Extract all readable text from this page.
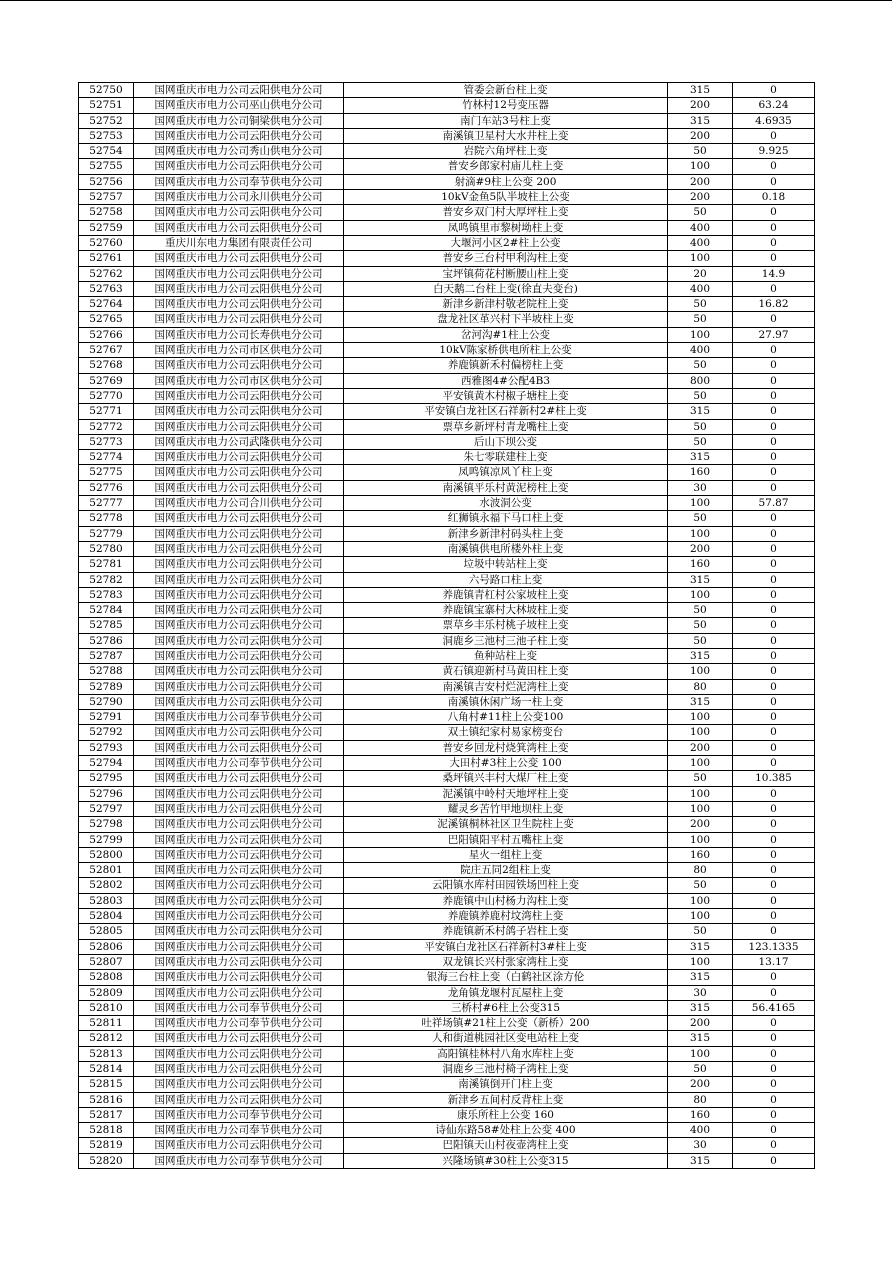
52750	国网重庆市电力公司云阳供电分公司	管委会新台柱上变	315	0
52751	国网重庆市电力公司巫山供电分公司	竹林村12号变压器	200	63.24
52752	国网重庆市电力公司铜梁供电分公司	南门车站3号柱上变	315	4.6935
52753	国网重庆市电力公司云阳供电分公司	南溪镇卫星村大水井柱上变	200	0
52754	国网重庆市电力公司秀山供电分公司	岩院六角坪柱上变	50	9.925
52755	国网重庆市电力公司云阳供电分公司	普安乡郎家村庙儿柱上变	100	0
52756	国网重庆市电力公司奉节供电分公司	射滴#9柱上公变 200	200	0
52757	国网重庆市电力公司永川供电分公司	10kV金鱼5队半坡柱上公变	200	0.18
52758	国网重庆市电力公司云阳供电分公司	普安乡双门村大厚坪柱上变	50	0
52759	国网重庆市电力公司云阳供电分公司	凤鸣镇里市黎树坳柱上变	400	0
52760	重庆川东电力集团有限责任公司	大堰河小区2#柱上公变	400	0
52761	国网重庆市电力公司云阳供电分公司	普安乡三台村甲利沟柱上变	100	0
52762	国网重庆市电力公司云阳供电分公司	宝坪镇荷花村断腰山柱上变	20	14.9
52763	国网重庆市电力公司云阳供电分公司	白天鹅二台柱上变(徐直夫变台)	400	0
52764	国网重庆市电力公司云阳供电分公司	新津乡新津村敬老院柱上变	50	16.82
52765	国网重庆市电力公司云阳供电分公司	盘龙社区革兴村下半坡柱上变	50	0
52766	国网重庆市电力公司长寿供电分公司	岔河沟#1柱上公变	100	27.97
52767	国网重庆市电力公司市区供电分公司	10kV陈家桥供电所柱上公变	400	0
52768	国网重庆市电力公司云阳供电分公司	养鹿镇新禾村偏榜柱上变	50	0
52769	国网重庆市电力公司市区供电分公司	西雅图4#公配4B3	800	0
52770	国网重庆市电力公司云阳供电分公司	平安镇黄木村椒子塘柱上变	50	0
52771	国网重庆市电力公司云阳供电分公司	平安镇白龙社区石祥新村2#柱上变	315	0
52772	国网重庆市电力公司云阳供电分公司	票草乡新坪村青龙嘴柱上变	50	0
52773	国网重庆市电力公司武隆供电分公司	后山下坝公变	50	0
52774	国网重庆市电力公司云阳供电分公司	朱七零联建柱上变	315	0
52775	国网重庆市电力公司云阳供电分公司	凤鸣镇凉风丫柱上变	160	0
52776	国网重庆市电力公司云阳供电分公司	南溪镇平乐村黄泥榜柱上变	30	0
52777	国网重庆市电力公司合川供电分公司	水波洞公变	100	57.87
52778	国网重庆市电力公司云阳供电分公司	红狮镇永福下马口柱上变	50	0
52779	国网重庆市电力公司云阳供电分公司	新津乡新津村码头柱上变	100	0
52780	国网重庆市电力公司云阳供电分公司	南溪镇供电所楼外柱上变	200	0
52781	国网重庆市电力公司云阳供电分公司	垃圾中转站柱上变	160	0
52782	国网重庆市电力公司云阳供电分公司	六号路口柱上变	315	0
52783	国网重庆市电力公司云阳供电分公司	养鹿镇青杠村公家坡柱上变	100	0
52784	国网重庆市电力公司云阳供电分公司	养鹿镇宝寨村大林坡柱上变	50	0
52785	国网重庆市电力公司云阳供电分公司	票草乡丰乐村桃子坡柱上变	50	0
52786	国网重庆市电力公司云阳供电分公司	洞鹿乡三池村三池子柱上变	50	0
52787	国网重庆市电力公司云阳供电分公司	鱼种站柱上变	315	0
52788	国网重庆市电力公司云阳供电分公司	黄石镇迎新村马黄田柱上变	100	0
52789	国网重庆市电力公司云阳供电分公司	南溪镇吉安村烂泥湾柱上变	80	0
52790	国网重庆市电力公司云阳供电分公司	南溪镇休闲广场一柱上变	315	0
52791	国网重庆市电力公司奉节供电分公司	八角村#11柱上公变100	100	0
52792	国网重庆市电力公司云阳供电分公司	双土镇纪家村易家榜变台	100	0
52793	国网重庆市电力公司云阳供电分公司	普安乡回龙村烧箕湾柱上变	200	0
52794	国网重庆市电力公司奉节供电分公司	大田村#3柱上公变 100	100	0
52795	国网重庆市电力公司云阳供电分公司	桑坪镇兴丰村大煤厂柱上变	50	10.385
52796	国网重庆市电力公司云阳供电分公司	泥溪镇中岭村天地坪柱上变	100	0
52797	国网重庆市电力公司云阳供电分公司	耀灵乡苦竹甲地坝柱上变	100	0
52798	国网重庆市电力公司云阳供电分公司	泥溪镇桐林社区卫生院柱上变	200	0
52799	国网重庆市电力公司云阳供电分公司	巴阳镇阳平村五嘴柱上变	100	0
52800	国网重庆市电力公司云阳供电分公司	星火一组柱上变	160	0
52801	国网重庆市电力公司云阳供电分公司	院庄五同2组柱上变	80	0
52802	国网重庆市电力公司云阳供电分公司	云阳镇水库村田园铁场凹柱上变	50	0
52803	国网重庆市电力公司云阳供电分公司	养鹿镇中山村杨力沟柱上变	100	0
52804	国网重庆市电力公司云阳供电分公司	养鹿镇养鹿村坟湾柱上变	100	0
52805	国网重庆市电力公司云阳供电分公司	养鹿镇新禾村鸽子岩柱上变	50	0
52806	国网重庆市电力公司云阳供电分公司	平安镇白龙社区石祥新村3#柱上变	315	123.1335
52807	国网重庆市电力公司云阳供电分公司	双龙镇长兴村张家湾柱上变	100	13.17
52808	国网重庆市电力公司云阳供电分公司	银海三台柱上变（白鹤社区涂方伦	315	0
52809	国网重庆市电力公司云阳供电分公司	龙角镇龙堰村瓦屋柱上变	30	0
52810	国网重庆市电力公司奉节供电分公司	三桥村#6柱上公变315	315	56.4165
52811	国网重庆市电力公司奉节供电分公司	吐祥场镇#21柱上公变（新桥）200	200	0
52812	国网重庆市电力公司云阳供电分公司	人和街道桃园社区变电站柱上变	315	0
52813	国网重庆市电力公司云阳供电分公司	高阳镇桂林村八角水库柱上变	100	0
52814	国网重庆市电力公司云阳供电分公司	洞鹿乡三池村椅子湾柱上变	50	0
52815	国网重庆市电力公司云阳供电分公司	南溪镇倒开门柱上变	200	0
52816	国网重庆市电力公司云阳供电分公司	新津乡五间村反背柱上变	80	0
52817	国网重庆市电力公司奉节供电分公司	康乐所柱上公变 160	160	0
52818	国网重庆市电力公司奉节供电分公司	诗仙东路58#处柱上公变 400	400	0
52819	国网重庆市电力公司云阳供电分公司	巴阳镇天山村夜壶湾柱上变	30	0
52820	国网重庆市电力公司奉节供电分公司	兴隆场镇#30柱上公变315	315	0
